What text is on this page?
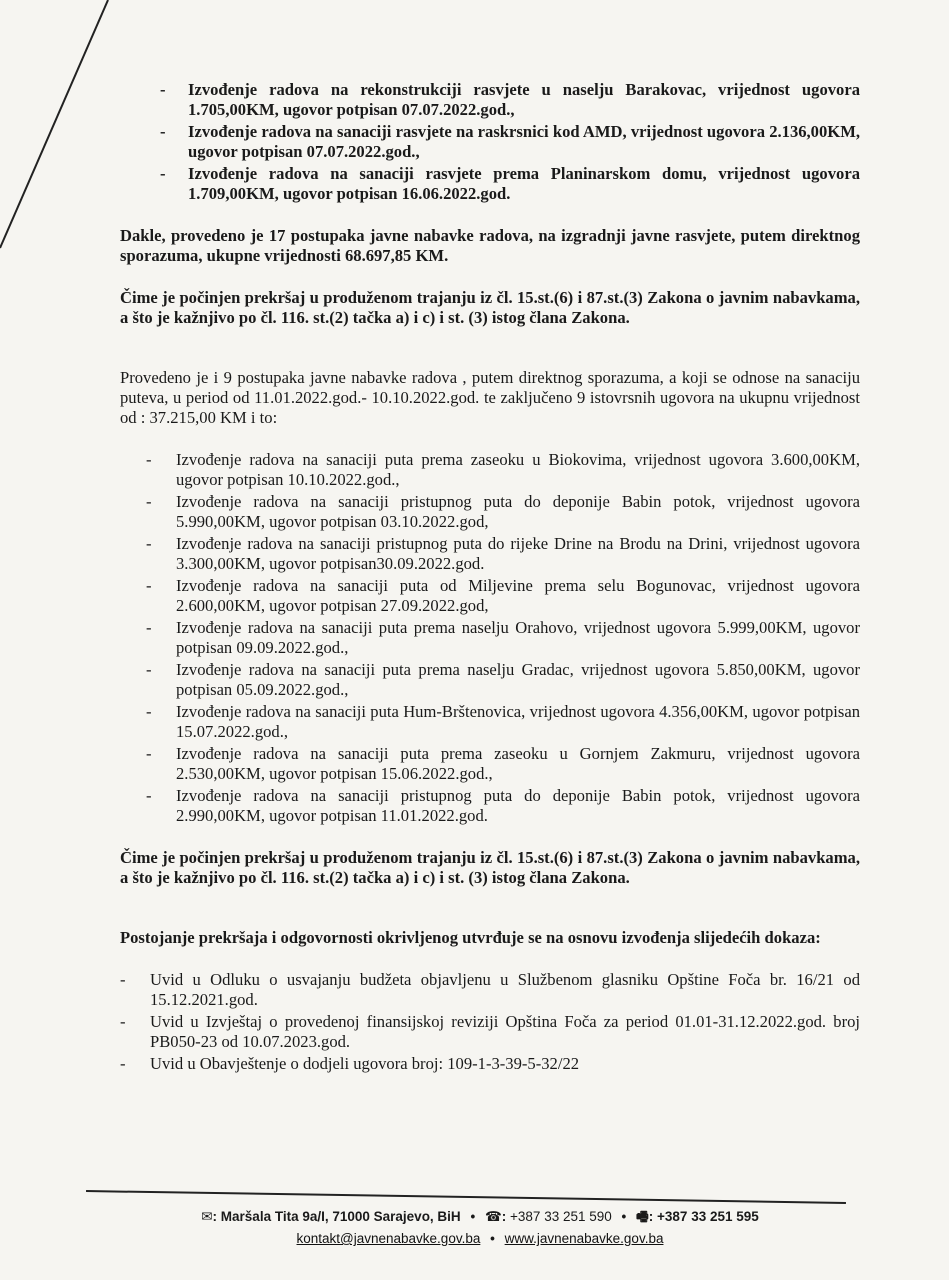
- Izvođenje radova na rekonstrukciji rasvjete u naselju Barakovac, vrijednost ugovora 1.705,00KM, ugovor potpisan 07.07.2022.god.,
- Izvođenje radova na sanaciji rasvjete na raskrsnici kod AMD, vrijednost ugovora 2.136,00KM, ugovor potpisan 07.07.2022.god.,
- Izvođenje radova na sanaciji rasvjete prema Planinarskom domu, vrijednost ugovora 1.709,00KM, ugovor potpisan 16.06.2022.god.

Dakle, provedeno je 17 postupaka javne nabavke radova, na izgradnji javne rasvjete, putem direktnog sporazuma, ukupne vrijednosti 68.697,85 KM.

Čime je počinjen prekršaj u produženom trajanju iz čl. 15.st.(6) i 87.st.(3) Zakona o javnim nabavkama, a što je kažnjivo po čl. 116. st.(2) tačka a) i c) i st. (3) istog člana Zakona.

Provedeno je i 9 postupaka javne nabavke radova , putem direktnog sporazuma, a koji se odnose na sanaciju puteva, u period od 11.01.2022.god.- 10.10.2022.god. te zaključeno 9 istovrsnih ugovora na ukupnu vrijednost od : 37.215,00 KM i to:

- Izvođenje radova na sanaciji puta prema zaseoku u Biokovima, vrijednost ugovora 3.600,00KM, ugovor potpisan 10.10.2022.god.,
- Izvođenje radova na sanaciji pristupnog puta do deponije Babin potok, vrijednost ugovora 5.990,00KM, ugovor potpisan 03.10.2022.god,
- Izvođenje radova na sanaciji pristupnog puta do rijeke Drine na Brodu na Drini, vrijednost ugovora 3.300,00KM, ugovor potpisan30.09.2022.god.
- Izvođenje radova na sanaciji puta od Miljevine prema selu Bogunovac, vrijednost ugovora 2.600,00KM, ugovor potpisan 27.09.2022.god,
- Izvođenje radova na sanaciji puta prema naselju Orahovo, vrijednost ugovora 5.999,00KM, ugovor potpisan 09.09.2022.god.,
- Izvođenje radova na sanaciji puta prema naselju Gradac, vrijednost ugovora 5.850,00KM, ugovor potpisan 05.09.2022.god.,
- Izvođenje radova na sanaciji puta Hum-Brštenovica, vrijednost ugovora 4.356,00KM, ugovor potpisan 15.07.2022.god.,
- Izvođenje radova na sanaciji puta prema zaseoku u Gornjem Zakmuru, vrijednost ugovora 2.530,00KM, ugovor potpisan 15.06.2022.god.,
- Izvođenje radova na sanaciji pristupnog puta do deponije Babin potok, vrijednost ugovora 2.990,00KM, ugovor potpisan 11.01.2022.god.

Čime je počinjen prekršaj u produženom trajanju iz čl. 15.st.(6) i 87.st.(3) Zakona o javnim nabavkama, a što je kažnjivo po čl. 116. st.(2) tačka a) i c) i st. (3) istog člana Zakona.

Postojanje prekršaja i odgovornosti okrivljenog utvrđuje se na osnovu izvođenja slijedećih dokaza:

- Uvid u Odluku o usvajanju budžeta objavljenu u Službenom glasniku Opštine Foča br. 16/21 od 15.12.2021.god.
- Uvid u Izvještaj o provedenoj finansijskoj reviziji Opština Foča za period 01.01-31.12.2022.god. broj PB050-23 od 10.07.2023.god.
- Uvid u Obavještenje o dodjeli ugovora broj: 109-1-3-39-5-32/22
✉: Maršala Tita 9a/I, 71000 Sarajevo, BiH • ☎: +387 33 251 590 • 🖷: +387 33 251 595
kontakt@javnenabavke.gov.ba • www.javnenabavke.gov.ba
